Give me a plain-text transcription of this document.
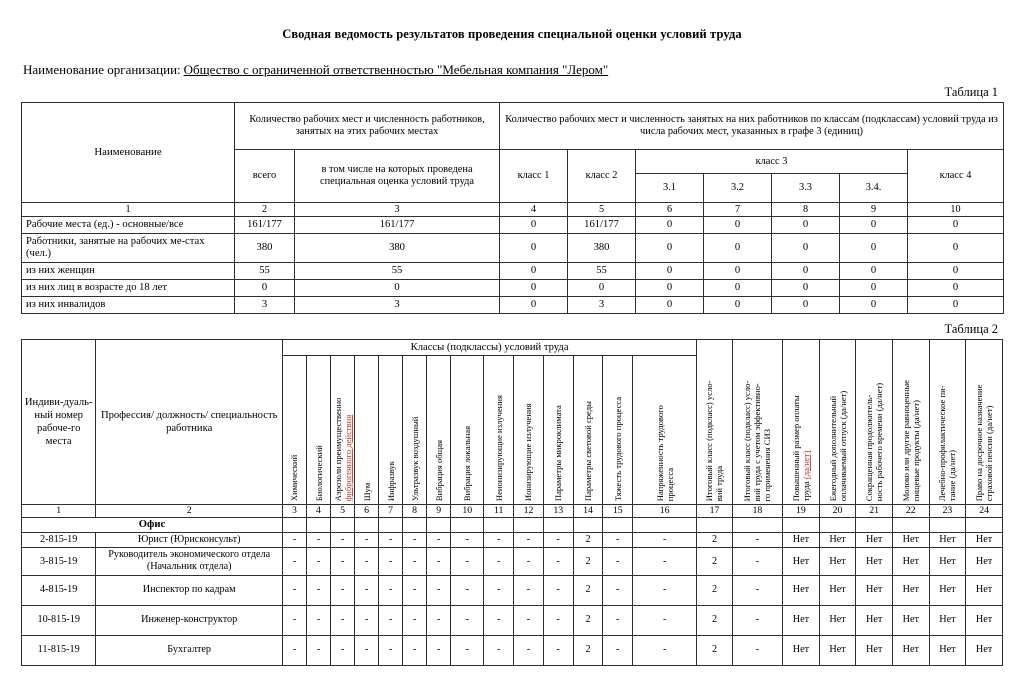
Сводная ведомость результатов проведения специальной оценки условий труда

Наименование организации: Общество с ограниченной ответственностью "Мебельная компания "Лером"

Таблица 1

Наименование	Количество рабочих мест и численность работников, занятых на этих рабочих местах		Количество рабочих мест и численность занятых на них работников по классам (подклассам) условий труда из числа рабочих мест, указанных в графе 3 (единиц)						
	всего	в том числе на которых проведена специальная оценка условий труда	класс 1	класс 2	класс 3				класс 4
					3.1	3.2	3.3	3.4.	
1	2	3	4	5	6	7	8	9	10
Рабочие места (ед.) - основные/все	161/177	161/177	0	161/177	0	0	0	0	0
Работники, занятые на рабочих ме-стах (чел.)	380	380	0	380	0	0	0	0	0
из них женщин	55	55	0	55	0	0	0	0	0
из них лиц в возрасте до 18 лет	0	0	0	0	0	0	0	0	0
из них инвалидов	3	3	0	3	0	0	0	0	0

Таблица 2

Индиви-дуаль-ный номер рабоче-го места	Профессия/ должность/ специальность работника	Классы (подклассы) условий труда														Итоговый класс (подкласс) усло- вий труда	Итоговый класс (подкласс) усло- вий труда с учетом эффективно- го применения СИЗ	Повышенный размер оплаты труда (да/нет)	Ежегодный дополнительный оплачиваемый отпуск (да/нет)	Сокращенная продолжитель- ность рабочего времени (да/нет)	Молоко или другие равноценные пищевые продукты (да/нет)	Лечебно-профилактическое пи- тание (да/нет)	Право на досрочное назначение страховой пенсии (да/нет)

		Химический	Биологический	Аэрозоли преимущественно фиброгенного действия	Шум	Инфразвук	Ультразвук воздушный	Вибрация общая	Вибрация локальная	Неионизирующие излучения	Ионизирующие излучения	Параметры микроклимата	Параметры световой среды	Тяжесть трудового процесса	Напряженность трудового процесса								

1	2	3	4	5	6	7	8	9	10	11	12	13	14	15	16	17	18	19	20	21	22	23	24
Офис																							
2-815-19	Юрист (Юрисконсульт)	-	-	-	-	-	-	-	-	-	-	-	2	-	-	2	-	Нет	Нет	Нет	Нет	Нет	Нет
3-815-19	Руководитель экономического отдела (Начальник отдела)	-	-	-	-	-	-	-	-	-	-	-	2	-	-	2	-	Нет	Нет	Нет	Нет	Нет	Нет
4-815-19	Инспектор по кадрам	-	-	-	-	-	-	-	-	-	-	-	2	-	-	2	-	Нет	Нет	Нет	Нет	Нет	Нет
10-815-19	Инженер-конструктор	-	-	-	-	-	-	-	-	-	-	-	2	-	-	2	-	Нет	Нет	Нет	Нет	Нет	Нет
11-815-19	Бухгалтер	-	-	-	-	-	-	-	-	-	-	-	2	-	-	2	-	Нет	Нет	Нет	Нет	Нет	Нет
